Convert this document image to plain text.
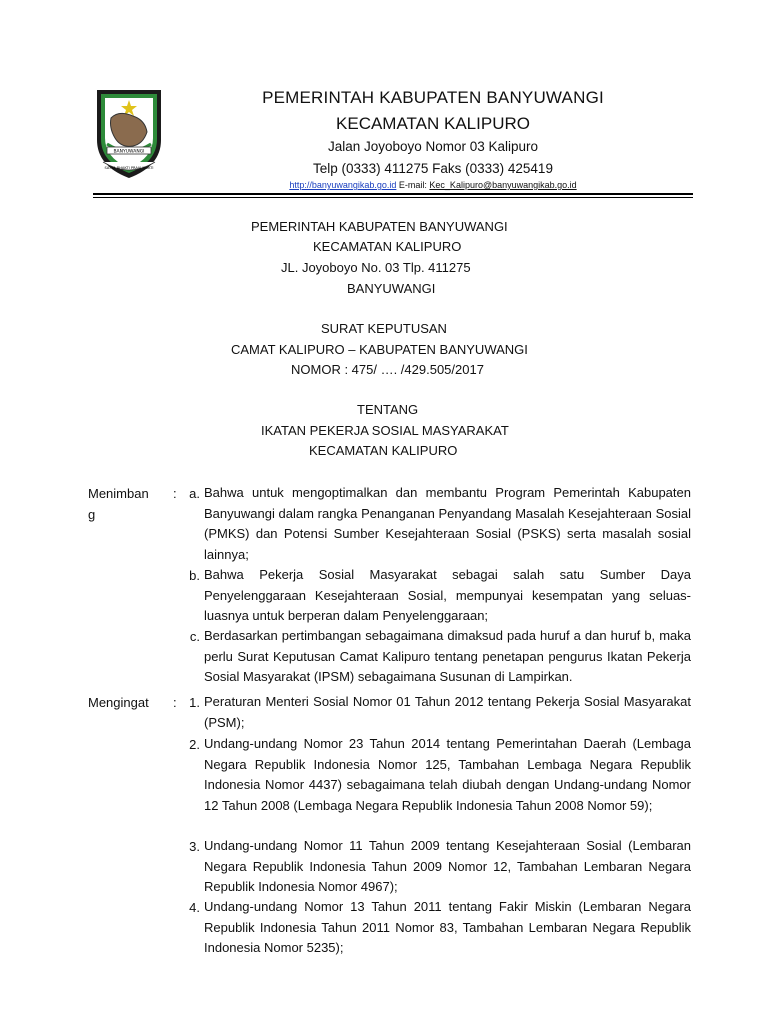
BANYUWANGI
SATYA BHAKTI PRAJA MUKTI
PEMERINTAH KABUPATEN BANYUWANGI
KECAMATAN KALIPURO
Jalan Joyoboyo Nomor 03 Kalipuro
Telp (0333) 411275 Faks (0333) 425419
http://banyuwangikab.go.id E-mail: Kec_Kalipuro@banyuwangikab.go.id
PEMERINTAH KABUPATEN BANYUWANGI
KECAMATAN KALIPURO
JL. Joyoboyo No. 03 Tlp. 411275
BANYUWANGI
SURAT KEPUTUSAN
CAMAT KALIPURO – KABUPATEN BANYUWANGI
NOMOR : 475/ …. /429.505/2017
TENTANG
IKATAN PEKERJA SOSIAL MASYARAKAT
KECAMATAN KALIPURO
Menimban
g
: a. Bahwa untuk mengoptimalkan dan membantu Program Pemerintah Kabupaten Banyuwangi dalam rangka Penanganan Penyandang Masalah Kesejahteraan Sosial (PMKS) dan Potensi Sumber Kesejahteraan Sosial (PSKS) serta masalah sosial lainnya;

b. Bahwa Pekerja Sosial Masyarakat sebagai salah satu Sumber Daya Penyelenggaraan Kesejahteraan Sosial, mempunyai kesempatan yang seluas-luasnya untuk berperan dalam Penyelenggaraan;

c. Berdasarkan pertimbangan sebagaimana dimaksud pada huruf a dan huruf b, maka perlu Surat Keputusan Camat Kalipuro tentang penetapan pengurus Ikatan Pekerja Sosial Masyarakat (IPSM) sebagaimana Susunan di Lampirkan.

Mengingat : 1. Peraturan Menteri Sosial Nomor 01 Tahun 2012 tentang Pekerja Sosial Masyarakat (PSM);

2. Undang-undang Nomor 23 Tahun 2014 tentang Pemerintahan Daerah (Lembaga Negara Republik Indonesia Nomor 125, Tambahan Lembaga Negara Republik Indonesia Nomor 4437) sebagaimana telah diubah dengan Undang-undang Nomor 12 Tahun 2008 (Lembaga Negara Republik Indonesia Tahun 2008 Nomor 59);

3. Undang-undang Nomor 11 Tahun 2009 tentang Kesejahteraan Sosial (Lembaran Negara Republik Indonesia Tahun 2009 Nomor 12, Tambahan Lembaran Negara Republik Indonesia Nomor 4967);

4. Undang-undang Nomor 13 Tahun 2011 tentang Fakir Miskin (Lembaran Negara Republik Indonesia Tahun 2011 Nomor 83, Tambahan Lembaran Negara Republik Indonesia Nomor 5235);
